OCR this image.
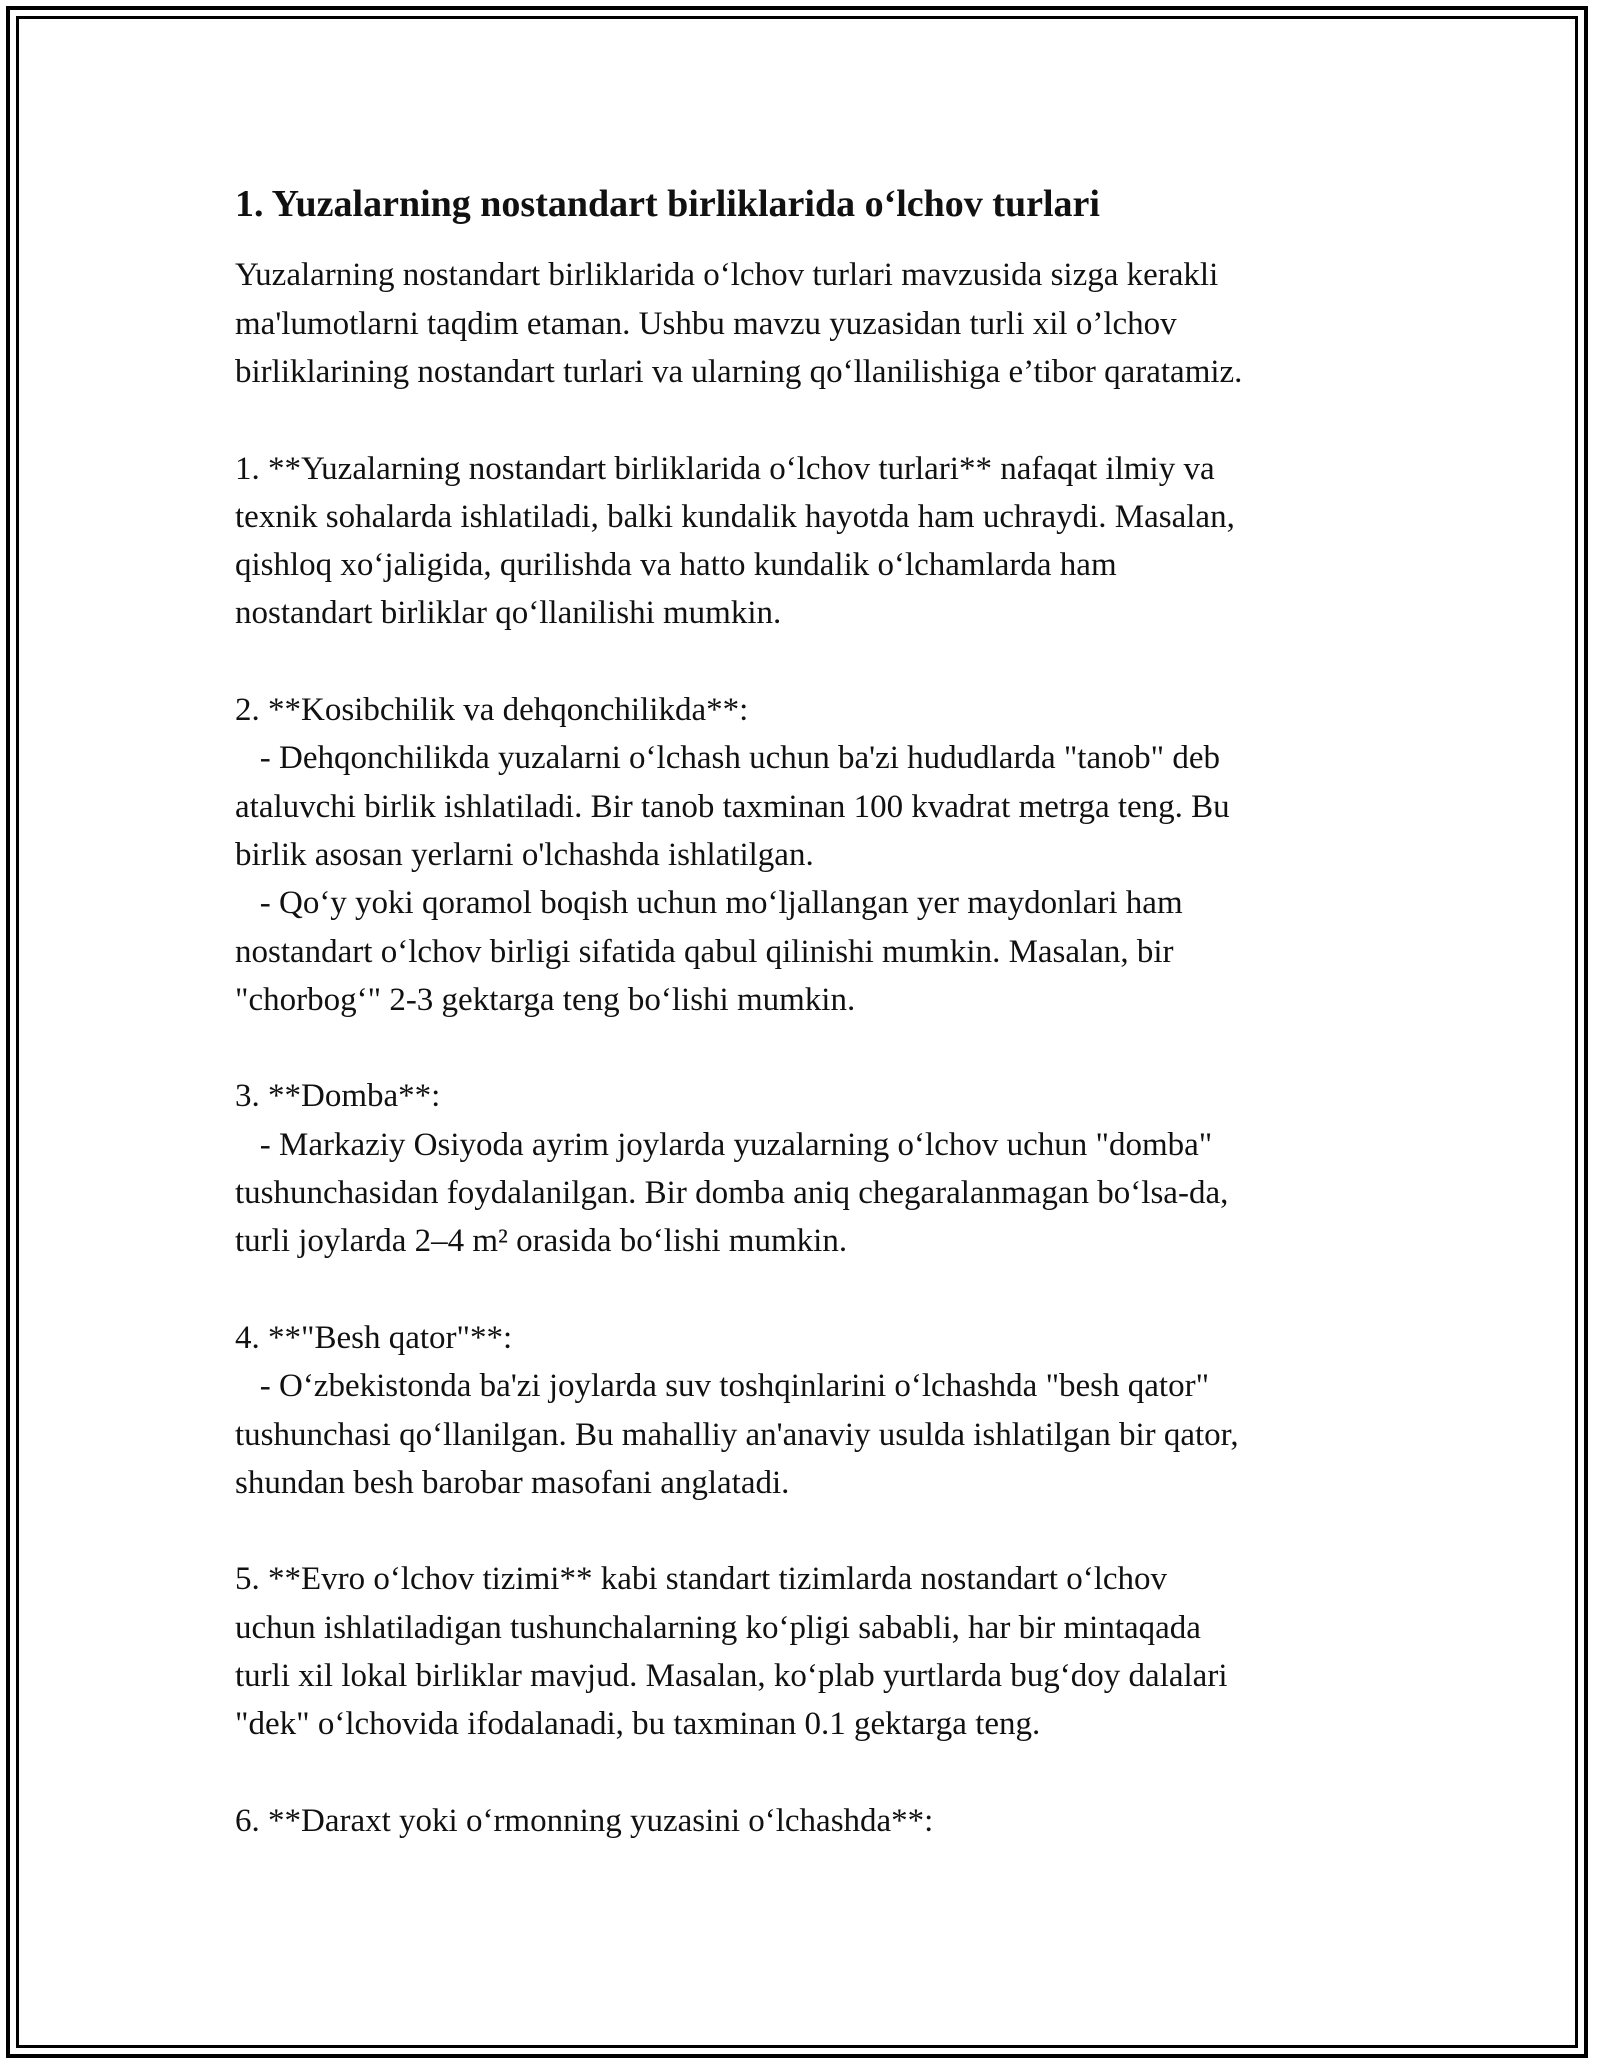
1. Yuzalarning nostandart birliklarida o‘lchov turlari

Yuzalarning nostandart birliklarida o‘lchov turlari mavzusida sizga kerakli
ma'lumotlarni taqdim etaman. Ushbu mavzu yuzasidan turli xil o’lchov
birliklarining nostandart turlari va ularning qo‘llanilishiga e’tibor qaratamiz.

1. **Yuzalarning nostandart birliklarida o‘lchov turlari** nafaqat ilmiy va
texnik sohalarda ishlatiladi, balki kundalik hayotda ham uchraydi. Masalan,
qishloq xo‘jaligida, qurilishda va hatto kundalik o‘lchamlarda ham
nostandart birliklar qo‘llanilishi mumkin.

2. **Kosibchilik va dehqonchilikda**:
- Dehqonchilikda yuzalarni o‘lchash uchun ba'zi hududlarda "tanob" deb
ataluvchi birlik ishlatiladi. Bir tanob taxminan 100 kvadrat metrga teng. Bu
birlik asosan yerlarni o'lchashda ishlatilgan.
- Qo‘y yoki qoramol boqish uchun mo‘ljallangan yer maydonlari ham
nostandart o‘lchov birligi sifatida qabul qilinishi mumkin. Masalan, bir
"chorbog‘" 2-3 gektarga teng bo‘lishi mumkin.

3. **Domba**:
- Markaziy Osiyoda ayrim joylarda yuzalarning o‘lchov uchun "domba"
tushunchasidan foydalanilgan. Bir domba aniq chegaralanmagan bo‘lsa-da,
turli joylarda 2–4 m² orasida bo‘lishi mumkin.

4. **"Besh qator"**:
- O‘zbekistonda ba'zi joylarda suv toshqinlarini o‘lchashda "besh qator"
tushunchasi qo‘llanilgan. Bu mahalliy an'anaviy usulda ishlatilgan bir qator,
shundan besh barobar masofani anglatadi.

5. **Evro o‘lchov tizimi** kabi standart tizimlarda nostandart o‘lchov
uchun ishlatiladigan tushunchalarning ko‘pligi sababli, har bir mintaqada
turli xil lokal birliklar mavjud. Masalan, ko‘plab yurtlarda bug‘doy dalalari
"dek" o‘lchovida ifodalanadi, bu taxminan 0.1 gektarga teng.

6. **Daraxt yoki o‘rmonning yuzasini o‘lchashda**:
